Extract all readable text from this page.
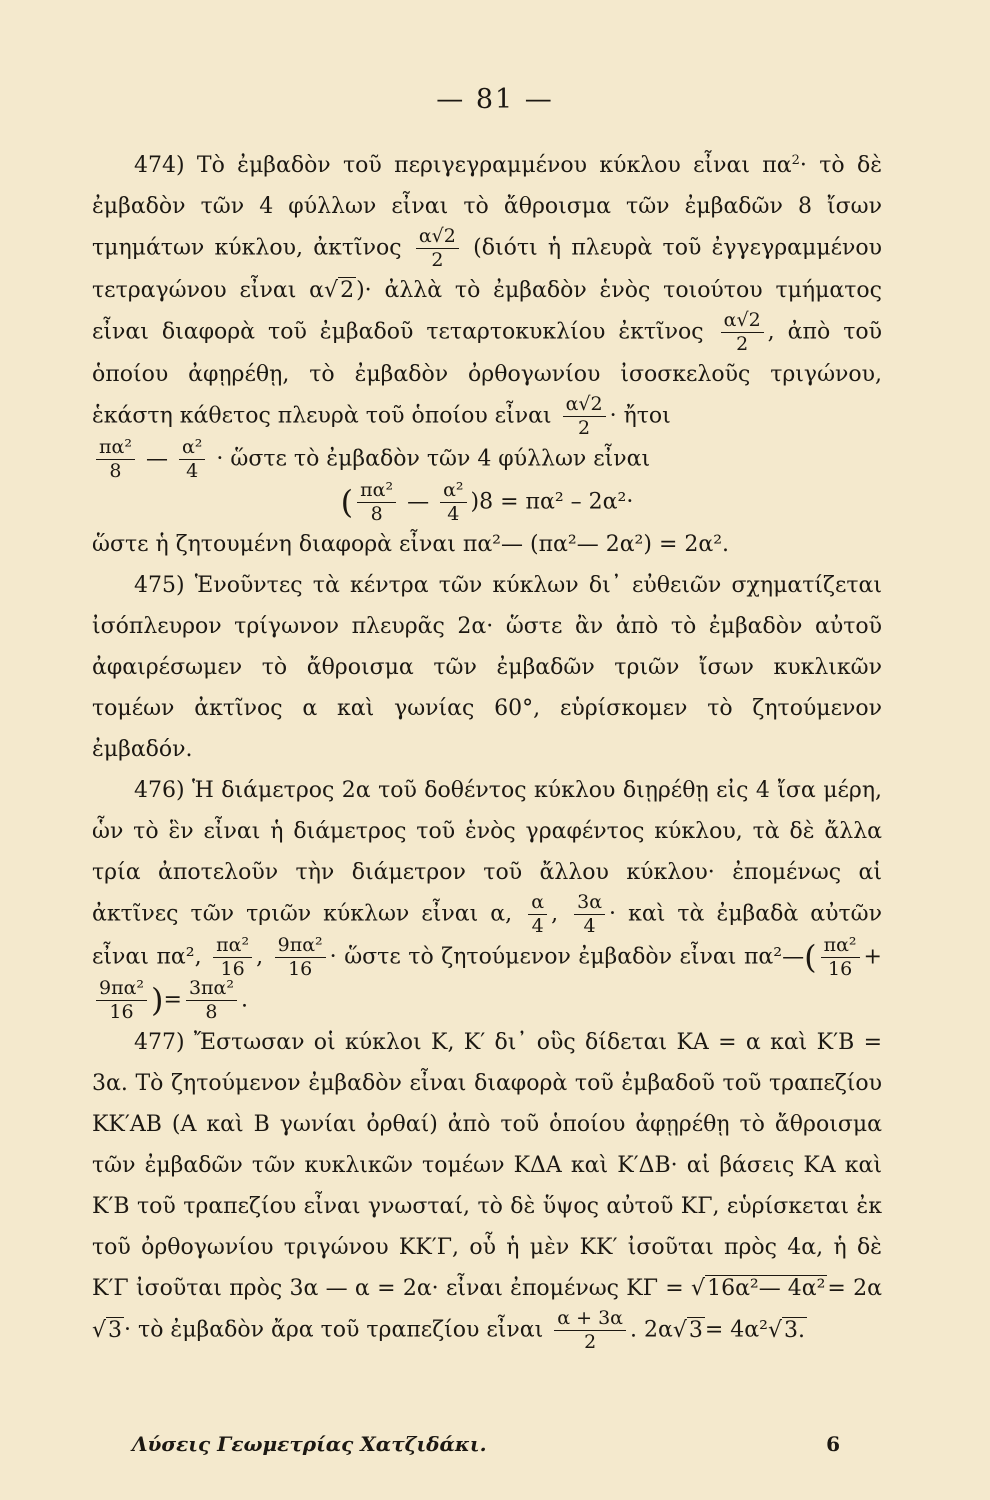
— 81 —

474) Τὸ ἐμβαδὸν τοῦ περιγεγραμμένου κύκλου εἶναι $\pi\alpha^2\cdot$ τὸ δὲ ἐμβαδὸν τῶν 4 φύλλων εἶναι τὸ ἄθροισμα τῶν ἐμβαδῶν 8 ἴσων τμημάτων κύκλου, ἀκτῖνος $\frac{\alpha√2}{2} (\delta\iota ό\tau\iota$ ἡ πλευρὰ τοῦ ἐγγεγραμμένου τετραγώνου εἶναι α√2)· ἀλλὰ τὸ ἐμβαδὸν ἑνὸς τοιούτου τμήματος εἶναι διαφορὰ τοῦ ἐμβαδοῦ τεταρτοκυκλίου ἐκτῖνος $\frac{\alpha√2}{2}$ , ἀπὸ τοῦ ὁποίου ἀφῃρέθῃ, τὸ ἐμβαδὸν ὀρθογωνίου ἰσοσκελοῦς τριγώνου, ἑκάστη κάθετος πλευρὰ τοῦ ὁποίου εἶναι $\frac{\alpha√2}{2}$ · ἤτοι

$\frac{\text{πα²}}{8}$ — $\frac{\text{α²}}{4}$ · ὥστε τὸ ἐμβαδὸν τῶν 4 φύλλων εἶναι

( $\frac{\text{πα²}}{8}$ — $\frac{\text{α²}}{4} )8 = \pi\alpha^2 - 2\alpha^2\cdot$

ὥστε ἡ ζητουμένη διαφορὰ εἶναι πα²— (πα²— 2α²) = 2α².

475) Ἑνοῦντες τὰ κέντρα τῶν κύκλων δι᾿ εὐθειῶν σχηματίζεται ἰσόπλευρον τρίγωνον πλευρᾶς 2α· ὥστε ἂν ἀπὸ τὸ ἐμβαδὸν αὐτοῦ ἀφαιρέσωμεν τὸ ἄθροισμα τῶν ἐμβαδῶν τριῶν ἴσων κυκλικῶν τομέων ἀκτῖνος α καὶ γωνίας 60°, εὑρίσκομεν τὸ ζητούμενον ἐμβαδόν.

476) Ἡ διάμετρος 2α τοῦ δοθέντος κύκλου διῃρέθῃ εἰς 4 ἴσα μέρη, ὧν τὸ ἓν εἶναι ἡ διάμετρος τοῦ ἑνὸς γραφέντος κύκλου, τὰ δὲ ἄλλα τρία ἀποτελοῦν τὴν διάμετρον τοῦ ἄλλου κύκλου· ἐπομένως αἱ ἀκτῖνες τῶν τριῶν κύκλων εἶναι α, $\frac{\alpha}{4}$ , $\frac{3\alpha}{4}$ · καὶ τὰ ἐμβαδὰ αὐτῶν εἶναι πα², $\frac{\text{πα²}}{16}$ , $\frac{\text{9πα²}}{16}$ · ὥστε τὸ ζητούμενον ἐμβαδὸν εἶναι πα²—( $\frac{\text{πα²}}{16}$ +
$\frac{\text{9πα²}}{16}$ )= $\frac{\text{3πα²}}{8}$ .

477) Ἔστωσαν οἱ κύκλοι Κ, Κ′ δι᾿ οὓς δίδεται ΚΑ = α καὶ Κ′Β = 3α. Τὸ ζητούμενον ἐμβαδὸν εἶναι διαφορὰ τοῦ ἐμβαδοῦ τοῦ τραπεζίου ΚΚ′ΑΒ (Α καὶ Β γωνίαι ὀρθαί) ἀπὸ τοῦ ὁποίου ἀφῃρέθῃ τὸ ἄθροισμα τῶν ἐμβαδῶν τῶν κυκλικῶν τομέων ΚΔΑ καὶ Κ′ΔΒ· αἱ βάσεις ΚΑ καὶ Κ′Β τοῦ τραπεζίου εἶναι γνωσταί, τὸ δὲ ὕψος αὐτοῦ ΚΓ, εὑρίσκεται ἐκ τοῦ ὀρθογωνίου τριγώνου ΚΚ′Γ, οὗ ἡ μὲν ΚΚ′ ἰσοῦται πρὸς 4α, ἡ δὲ Κ′Γ ἰσοῦται πρὸς 3α — α = 2α· εἶναι ἐπομένως ΚΓ = √16α²— 4α²= 2α√3· τὸ ἐμβαδὸν ἄρα τοῦ τραπεζίου εἶναι $\frac{\alpha + 3\alpha}{2}$ . 2α√3= 4α²√3.

Λύσεις Γεωμετρίας Χατζιδάκι.	6
